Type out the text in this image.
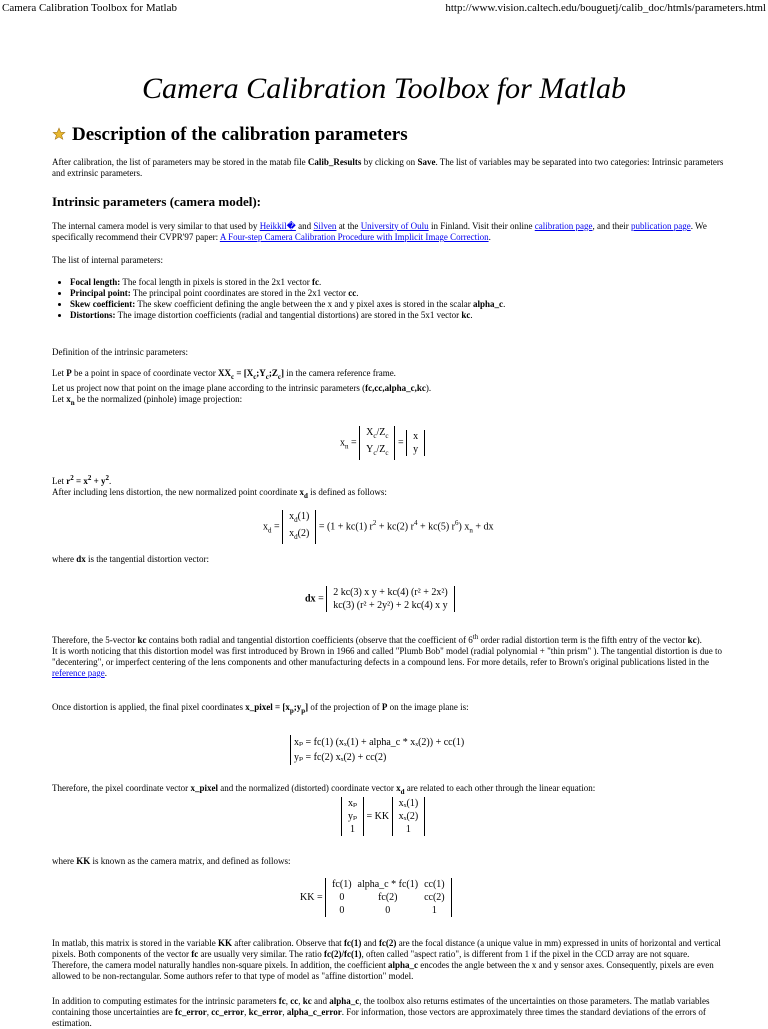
Camera Calibration Toolbox for Matlab	http://www.vision.caltech.edu/bouguetj/calib_doc/htmls/parameters.html
Camera Calibration Toolbox for Matlab
Description of the calibration parameters
After calibration, the list of parameters may be stored in the matab file Calib_Results by clicking on Save. The list of variables may be separated into two categories: Intrinsic parameters and extrinsic parameters.
Intrinsic parameters (camera model):
The internal camera model is very similar to that used by Heikkil� and Silven at the University of Oulu in Finland. Visit their online calibration page, and their publication page. We specifically recommend their CVPR'97 paper: A Four-step Camera Calibration Procedure with Implicit Image Correction.
The list of internal parameters:
• Focal length: The focal length in pixels is stored in the 2x1 vector fc.
• Principal point: The principal point coordinates are stored in the 2x1 vector cc.
• Skew coefficient: The skew coefficient defining the angle between the x and y pixel axes is stored in the scalar alpha_c.
• Distortions: The image distortion coefficients (radial and tangential distortions) are stored in the 5x1 vector kc.
Definition of the intrinsic parameters:
Let P be a point in space of coordinate vector $XX_c$ = $[X_c;Y_c;Z_c]$ in the camera reference frame.
Let us project now that point on the image plane according to the intrinsic parameters (fc,cc,alpha_c,kc).
Let $x_n$ be the normalized (pinhole) image projection:
$x_n$ =
$X_c/Z_c$
$Y_c/Z_c$
=
x
y
Let $r^2 = x^2 + y^2$.
After including lens distortion, the new normalized point coordinate $x_d$ is defined as follows:
$x_d$ =
$x_d(1)$
$x_d(2)$
= (1 + kc(1) $r^2 + kc(2) r^4 + kc(5)$ $r^6$) $x_n$ + dx
where dx is the tangential distortion vector:
dx =
2 kc(3) x y + kc(4) (r² + 2x²)
kc(3) (r² + 2y²) + 2 kc(4) x y
Therefore, the 5-vector kc contains both radial and tangential distortion coefficients (observe that the coefficient of 6th order radial distortion term is the fifth entry of the vector kc).
It is worth noticing that this distortion model was first introduced by Brown in 1966 and called "Plumb Bob" model (radial polynomial + "thin prism" ). The tangential distortion is due to "decentering", or imperfect centering of the lens components and other manufacturing defects in a compound lens. For more details, refer to Brown's original publications listed in the reference page.
Once distortion is applied, the final pixel coordinates x_pixel = $[x_p;y_p]$ of the projection of P on the image plane is:
xₚ = fc(1) (xₓ(1) + alpha_c * xₓ(2)) + cc(1)
yₚ = fc(2) xₓ(2) + cc(2)
Therefore, the pixel coordinate vector x_pixel and the normalized (distorted) coordinate vector $x_d$ are related to each other through the linear equation:
xₚ
yₚ
1
= KK
xₓ(1)
xₓ(2)
1
where KK is known as the camera matrix, and defined as follows:
KK =
fc(1)	alpha_c * fc(1)	cc(1)
0	fc(2)	cc(2)
0	0	1
In matlab, this matrix is stored in the variable KK after calibration. Observe that fc(1) and fc(2) are the focal distance (a unique value in mm) expressed in units of horizontal and vertical pixels. Both components of the vector fc are usually very similar. The ratio fc(2)/fc(1), often called "aspect ratio", is different from 1 if the pixel in the CCD array are not square. Therefore, the camera model naturally handles non-square pixels. In addition, the coefficient alpha_c encodes the angle between the x and y sensor axes. Consequently, pixels are even allowed to be non-rectangular. Some authors refer to that type of model as "affine distortion" model.
In addition to computing estimates for the intrinsic parameters fc, cc, kc and alpha_c, the toolbox also returns estimates of the uncertainties on those parameters. The matlab variables containing those uncertainties are fc_error, cc_error, kc_error, alpha_c_error. For information, those vectors are approximately three times the standard deviations of the errors of estimation.
